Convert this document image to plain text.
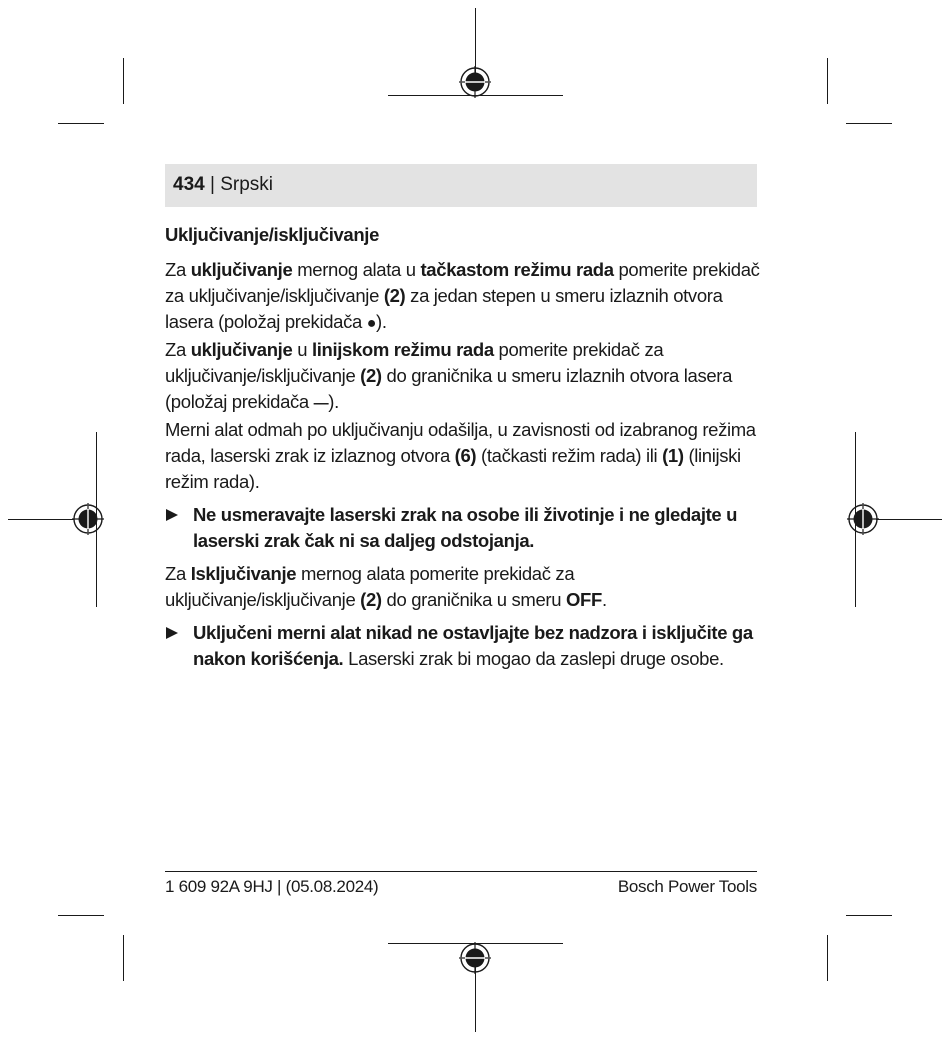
434 | Srpski

Uključivanje/isključivanje

Za uključivanje mernog alata u tačkastom režimu rada pomerite prekidač za uključivanje/isključivanje (2) za jedan stepen u smeru izlaznih otvora lasera (položaj prekidača ●).

Za uključivanje u linijskom režimu rada pomerite prekidač za uključivanje/isključivanje (2) do graničnika u smeru izlaznih otvora lasera (položaj prekidača —).

Merni alat odmah po uključivanju odašilja, u zavisnosti od izabranog režima rada, laserski zrak iz izlaznog otvora (6) (tačkasti režim rada) ili (1) (linijski režim rada).

Ne usmeravajte laserski zrak na osobe ili životinje i ne gledajte u laserski zrak čak ni sa daljeg odstojanja.

Za Isključivanje mernog alata pomerite prekidač za uključivanje/isključivanje (2) do graničnika u smeru OFF.

Uključeni merni alat nikad ne ostavljajte bez nadzora i isključite ga nakon korišćenja. Laserski zrak bi mogao da zaslepi druge osobe.

1 609 92A 9HJ | (05.08.2024)	Bosch Power Tools
